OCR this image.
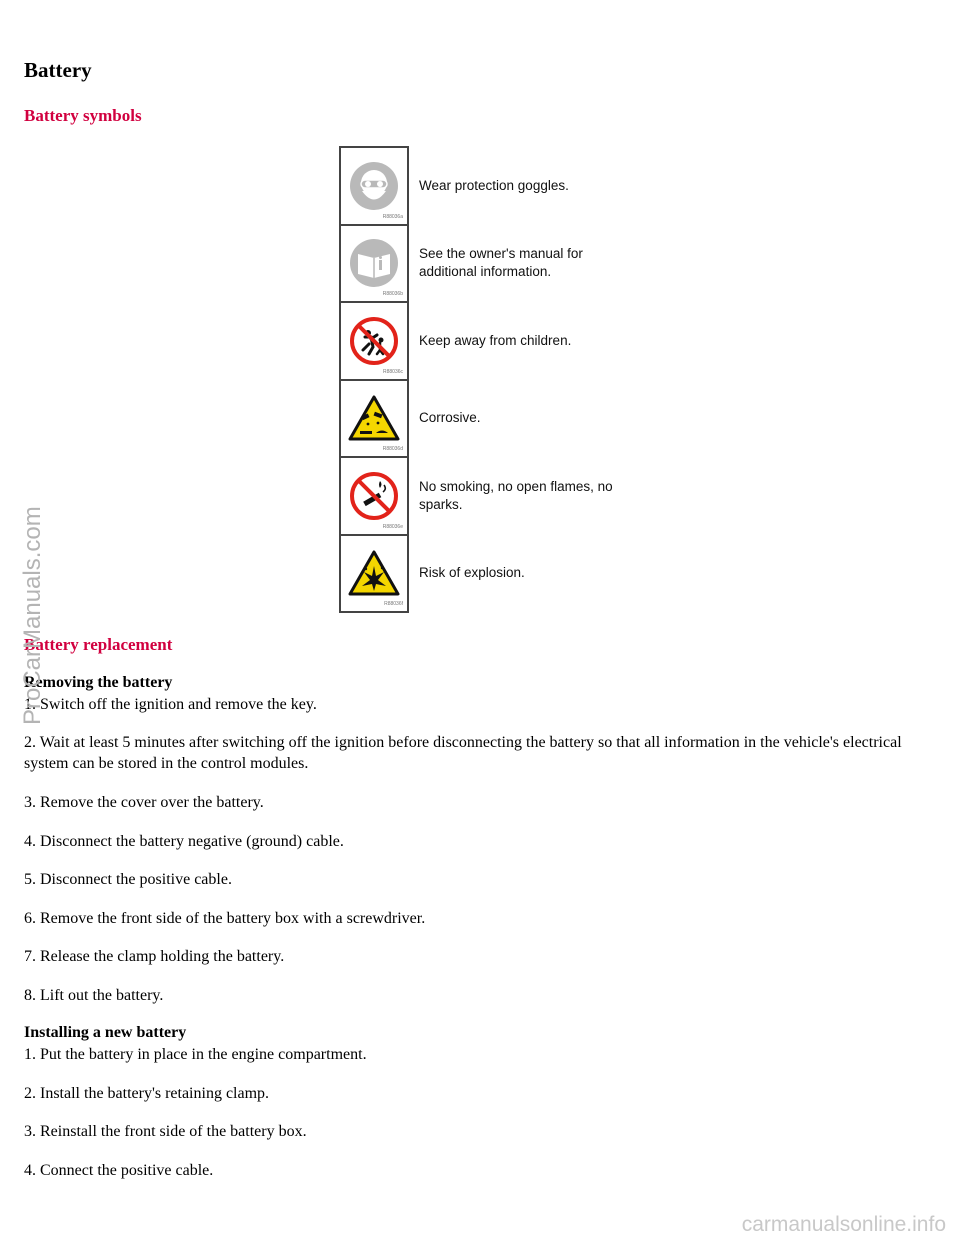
Battery
Battery symbols
R88036a	Wear protection goggles.

R88036b	See the owner's manual for additional information.

R88036c	Keep away from children.

R88036d	Corrosive.

R88036e	No smoking, no open flames, no sparks.

R88036f	Risk of explosion.
Battery replacement
Removing the battery

1. Switch off the ignition and remove the key.

2. Wait at least 5 minutes after switching off the ignition before disconnecting the battery so that all information in the vehicle's electrical system can be stored in the control modules.

3. Remove the cover over the battery.

4. Disconnect the battery negative (ground) cable.

5. Disconnect the positive cable.

6. Remove the front side of the battery box with a screwdriver.

7. Release the clamp holding the battery.

8. Lift out the battery.

Installing a new battery

1. Put the battery in place in the engine compartment.

2. Install the battery's retaining clamp.

3. Reinstall the front side of the battery box.

4. Connect the positive cable.

ProCarManuals.com
carmanualsonline.info
